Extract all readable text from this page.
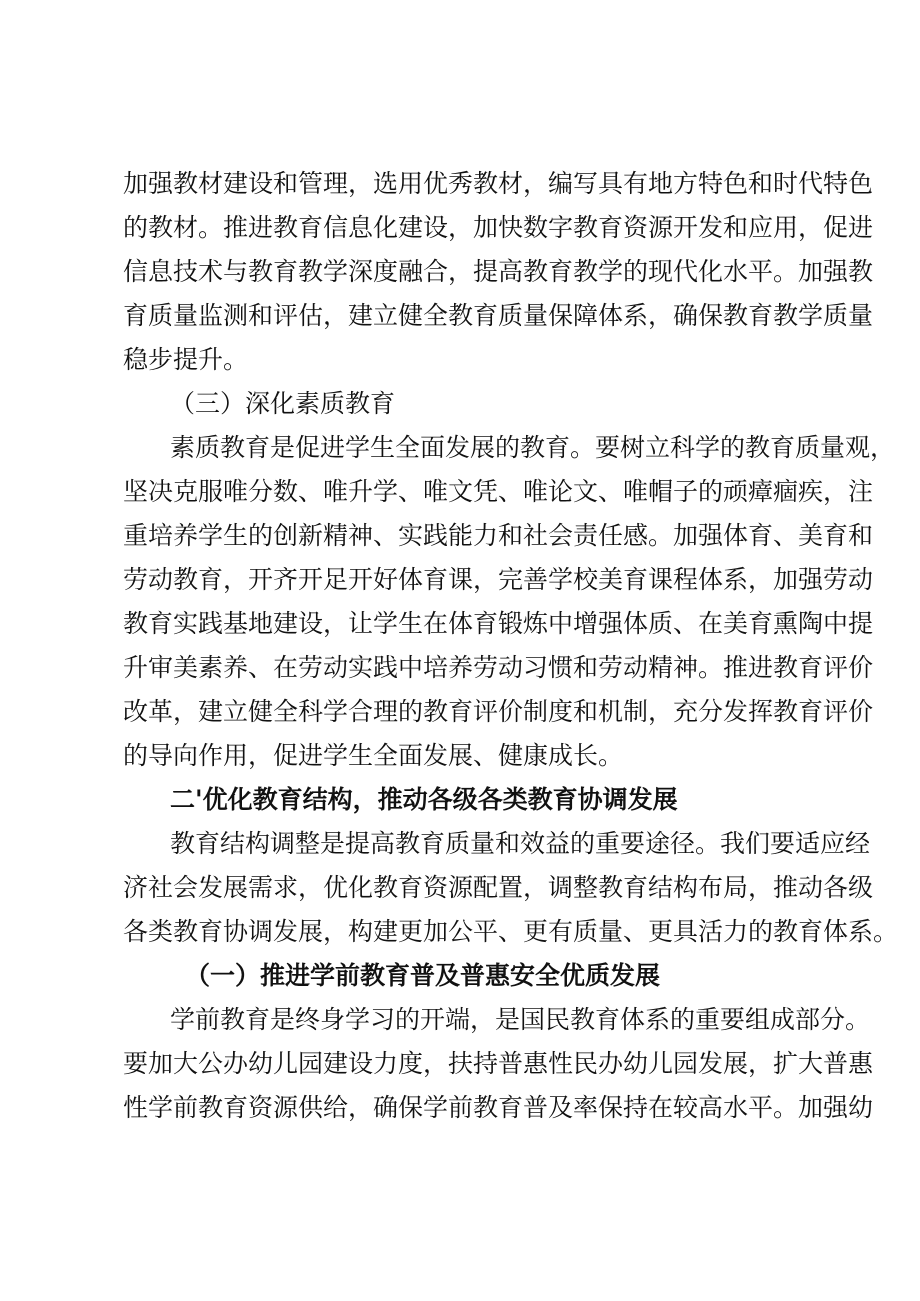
加强教材建设和管理，选用优秀教材，编写具有地方特色和时代特色
的教材。推进教育信息化建设，加快数字教育资源开发和应用，促进
信息技术与教育教学深度融合，提高教育教学的现代化水平。加强教
育质量监测和评估，建立健全教育质量保障体系，确保教育教学质量
稳步提升。
（三）深化素质教育
素质教育是促进学生全面发展的教育。要树立科学的教育质量观，
坚决克服唯分数、唯升学、唯文凭、唯论文、唯帽子的顽瘴痼疾，注
重培养学生的创新精神、实践能力和社会责任感。加强体育、美育和
劳动教育，开齐开足开好体育课，完善学校美育课程体系，加强劳动
教育实践基地建设，让学生在体育锻炼中增强体质、在美育熏陶中提
升审美素养、在劳动实践中培养劳动习惯和劳动精神。推进教育评价
改革，建立健全科学合理的教育评价制度和机制，充分发挥教育评价
的导向作用，促进学生全面发展、健康成长。
二'优化教育结构，推动各级各类教育协调发展
教育结构调整是提高教育质量和效益的重要途径。我们要适应经
济社会发展需求，优化教育资源配置，调整教育结构布局，推动各级
各类教育协调发展，构建更加公平、更有质量、更具活力的教育体系。
（一）推进学前教育普及普惠安全优质发展
学前教育是终身学习的开端，是国民教育体系的重要组成部分。
要加大公办幼儿园建设力度，扶持普惠性民办幼儿园发展，扩大普惠
性学前教育资源供给，确保学前教育普及率保持在较高水平。加强幼
